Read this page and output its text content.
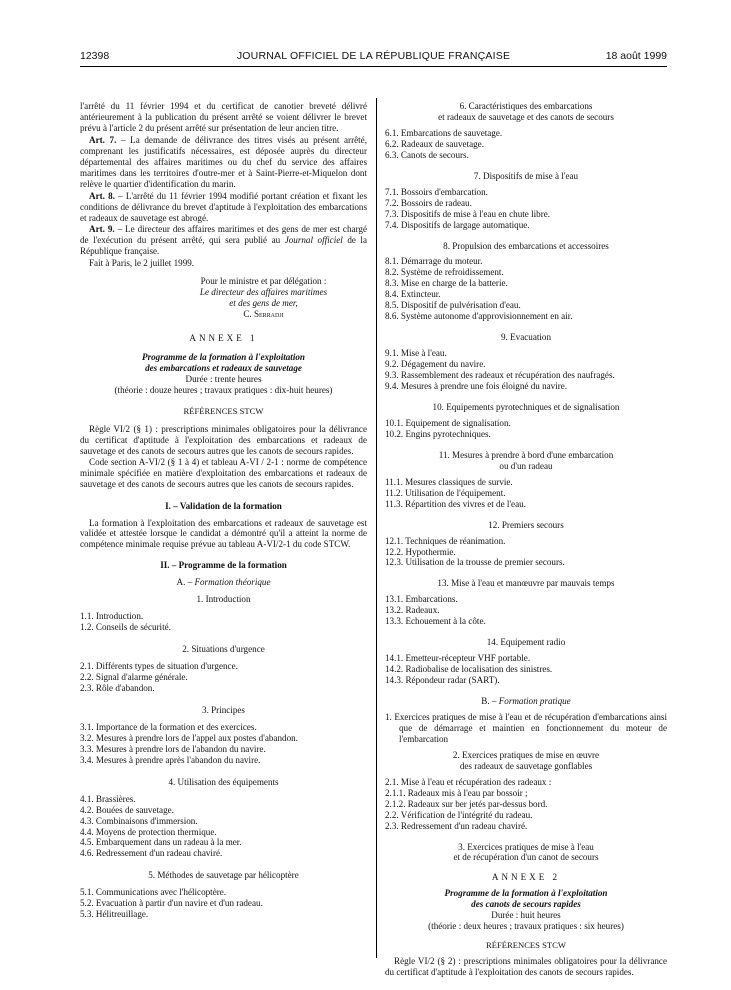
12398	JOURNAL OFFICIEL DE LA RÉPUBLIQUE FRANÇAISE	18 août 1999

l'arrêté du 11 février 1994 et du certificat de canotier breveté délivré antérieurement à la publication du présent arrêté se voient délivrer le brevet prévu à l'article 2 du présent arrêté sur présentation de leur ancien titre.

Art. 7. – La demande de délivrance des titres visés au présent arrêté, comprenant les justificatifs nécessaires, est déposée auprès du directeur départemental des affaires maritimes ou du chef du service des affaires maritimes dans les territoires d'outre-mer et à Saint-Pierre-et-Miquelon dont relève le quartier d'identification du marin.

Art. 8. – L'arrêté du 11 février 1994 modifié portant création et fixant les conditions de délivrance du brevet d'aptitude à l'exploitation des embarcations et radeaux de sauvetage est abrogé.

Art. 9. – Le directeur des affaires maritimes et des gens de mer est chargé de l'exécution du présent arrêté, qui sera publié au Journal officiel de la République française.

Fait à Paris, le 2 juillet 1999.

Pour le ministre et par délégation :

Le directeur des affaires maritimes

et des gens de mer,

C. Serradji

ANNEXE 1

Programme de la formation à l'exploitation

des embarcations et radeaux de sauvetage

Durée : trente heures

(théorie : douze heures ; travaux pratiques : dix-huit heures)

RÉFÉRENCES STCW

Règle VI/2 (§ 1) : prescriptions minimales obligatoires pour la délivrance du certificat d'aptitude à l'exploitation des embarcations et radeaux de sauvetage et des canots de secours autres que les canots de secours rapides.

Code section A-VI/2 (§ 1 à 4) et tableau A-VI / 2-1 : norme de compétence minimale spécifiée en matière d'exploitation des embarcations et radeaux de sauvetage et des canots de secours autres que les canots de secours rapides.

I. – Validation de la formation

La formation à l'exploitation des embarcations et radeaux de sauvetage est validée et attestée lorsque le candidat a démontré qu'il a atteint la norme de compétence minimale requise prévue au tableau A-VI/2-1 du code STCW.

II. – Programme de la formation

A. – Formation théorique

1. Introduction

1.1. Introduction.

1.2. Conseils de sécurité.

2. Situations d'urgence

2.1. Différents types de situation d'urgence.

2.2. Signal d'alarme générale.

2.3. Rôle d'abandon.

3. Principes

3.1. Importance de la formation et des exercices.

3.2. Mesures à prendre lors de l'appel aux postes d'abandon.

3.3. Mesures à prendre lors de l'abandon du navire.

3.4. Mesures à prendre après l'abandon du navire.

4. Utilisation des équipements

4.1. Brassières.

4.2. Bouées de sauvetage.

4.3. Combinaisons d'immersion.

4.4. Moyens de protection thermique.

4.5. Embarquement dans un radeau à la mer.

4.6. Redressement d'un radeau chaviré.

5. Méthodes de sauvetage par hélicoptère

5.1. Communications avec l'hélicoptère.

5.2. Evacuation à partir d'un navire et d'un radeau.

5.3. Hélitreuillage.

6. Caractéristiques des embarcations

et radeaux de sauvetage et des canots de secours

6.1. Embarcations de sauvetage.

6.2. Radeaux de sauvetage.

6.3. Canots de secours.

7. Dispositifs de mise à l'eau

7.1. Bossoirs d'embarcation.

7.2. Bossoirs de radeau.

7.3. Dispositifs de mise à l'eau en chute libre.

7.4. Dispositifs de largage automatique.

8. Propulsion des embarcations et accessoires

8.1. Démarrage du moteur.

8.2. Système de refroidissement.

8.3. Mise en charge de la batterie.

8.4. Extincteur.

8.5. Dispositif de pulvérisation d'eau.

8.6. Système autonome d'approvisionnement en air.

9. Evacuation

9.1. Mise à l'eau.

9.2. Dégagement du navire.

9.3. Rassemblement des radeaux et récupération des naufragés.

9.4. Mesures à prendre une fois éloigné du navire.

10. Equipements pyrotechniques et de signalisation

10.1. Equipement de signalisation.

10.2. Engins pyrotechniques.

11. Mesures à prendre à bord d'une embarcation

ou d'un radeau

11.1. Mesures classiques de survie.

11.2. Utilisation de l'équipement.

11.3. Répartition des vivres et de l'eau.

12. Premiers secours

12.1. Techniques de réanimation.

12.2. Hypothermie.

12.3. Utilisation de la trousse de premier secours.

13. Mise à l'eau et manœuvre par mauvais temps

13.1. Embarcations.

13.2. Radeaux.

13.3. Echouement à la côte.

14. Equipement radio

14.1. Emetteur-récepteur VHF portable.

14.2. Radiobalise de localisation des sinistres.

14.3. Répondeur radar (SART).

B. – Formation pratique

1. Exercices pratiques de mise à l'eau et de récupération d'embarcations ainsi que de démarrage et maintien en fonctionnement du moteur de l'embarcation

2. Exercices pratiques de mise en œuvre

des radeaux de sauvetage gonflables

2.1. Mise à l'eau et récupération des radeaux :

2.1.1. Radeaux mis à l'eau par bossoir ;

2.1.2. Radeaux sur ber jetés par-dessus bord.

2.2. Vérification de l'intégrité du radeau.

2.3. Redressement d'un radeau chaviré.

3. Exercices pratiques de mise à l'eau

et de récupération d'un canot de secours

ANNEXE 2

Programme de la formation à l'exploitation

des canots de secours rapides

Durée : huit heures

(théorie : deux heures ; travaux pratiques : six heures)

RÉFÉRENCES STCW

Règle VI/2 (§ 2) : prescriptions minimales obligatoires pour la délivrance du certificat d'aptitude à l'exploitation des canots de secours rapides.
